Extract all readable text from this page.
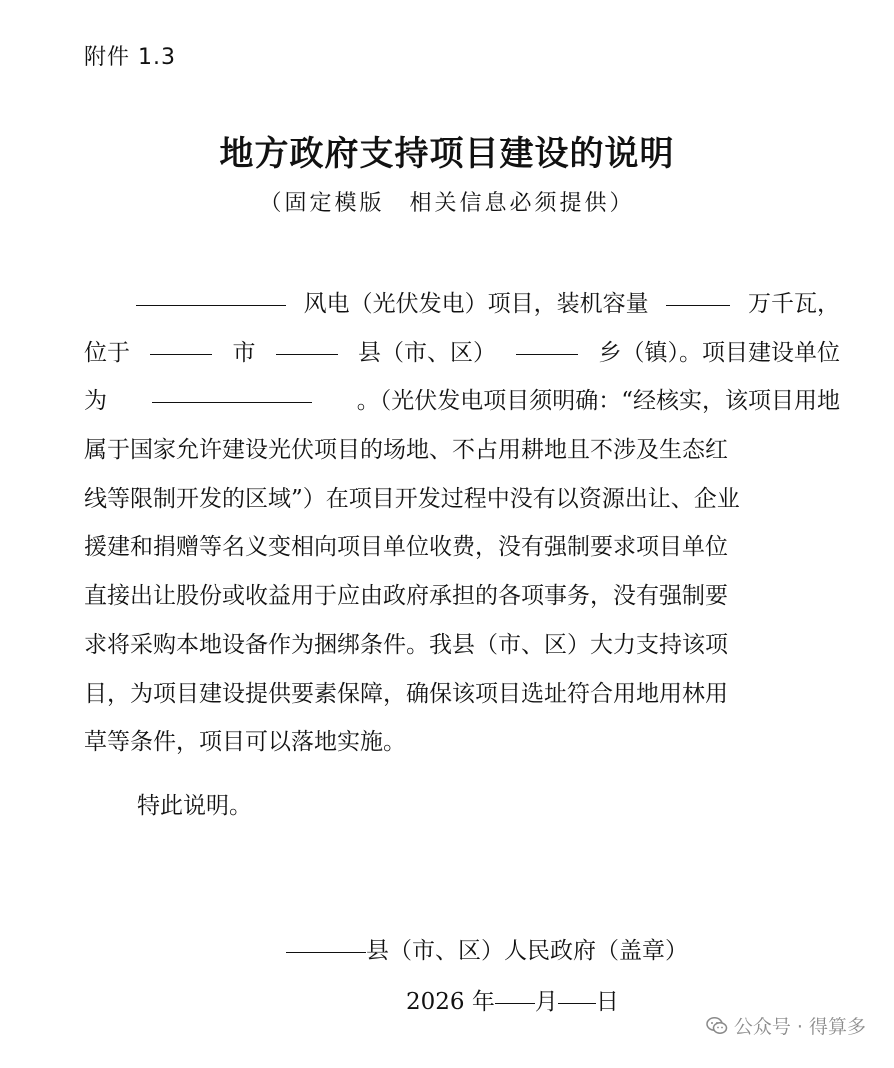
附件 1.3
地方政府支持项目建设的说明
（固定模版　相关信息必须提供）
风电（光伏发电）项目，装机容量	万千瓦，
位于	市	县（市、区）	乡（镇）。项目建设单位
为	。（光伏发电项目须明确：“经核实，该项目用地
属于国家允许建设光伏项目的场地、不占用耕地且不涉及生态红
线等限制开发的区域”）在项目开发过程中没有以资源出让、企业
援建和捐赠等名义变相向项目单位收费，没有强制要求项目单位
直接出让股份或收益用于应由政府承担的各项事务，没有强制要
求将采购本地设备作为捆绑条件。我县（市、区）大力支持该项
目，为项目建设提供要素保障，确保该项目选址符合用地用林用
草等条件，项目可以落地实施。
特此说明。
县（市、区）人民政府（盖章）
2026 年 月 日
公众号 · 得算多
